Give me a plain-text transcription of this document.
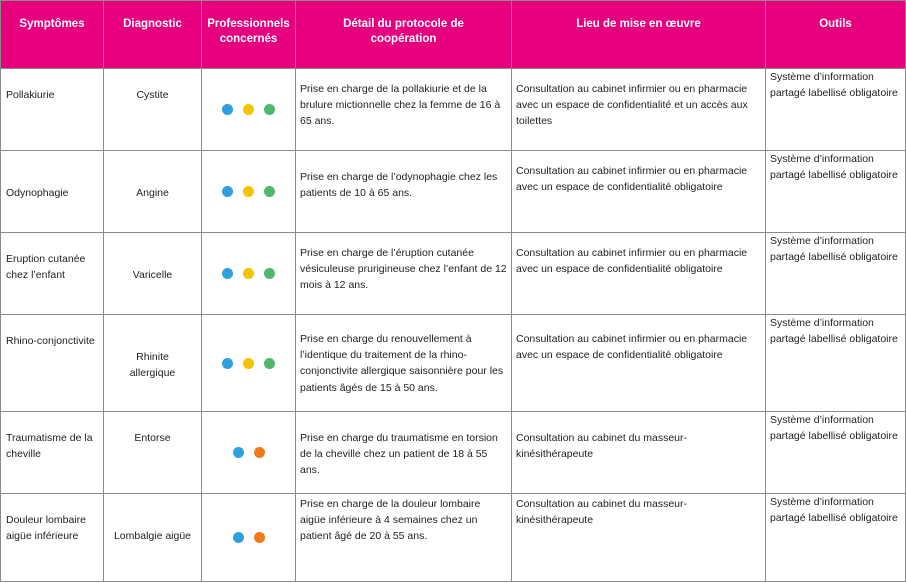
Symptômes	Diagnostic	Professionnels concernés	Détail du protocole de coopération	Lieu de mise en œuvre	Outils
Pollakiurie	Cystite		Prise en charge de la pollakiurie et de la brulure mictionnelle chez la femme de 16 à 65 ans.	Consultation au cabinet infirmier ou en pharmacie avec un espace de confidentialité et un accès aux toilettes	Système d’information partagé labellisé obligatoire
Odynophagie	Angine		Prise en charge de l’odynophagie chez les patients de 10 à 65 ans.	Consultation au cabinet infirmier ou en pharmacie avec un espace de confidentialité obligatoire	Système d’information partagé labellisé obligatoire
Eruption cutanée chez l’enfant	Varicelle		Prise en charge de l’éruption cutanée vésiculeuse prurigineuse chez l’enfant de 12 mois à 12 ans.	Consultation au cabinet infirmier ou en pharmacie avec un espace de confidentialité obligatoire	Système d’information partagé labellisé obligatoire
Rhino-conjonctivite	Rhinite allergique		Prise en charge du renouvellement à l’identique du traitement de la rhino-conjonctivite allergique saisonnière pour les patients âgés de 15 à 50 ans.	Consultation au cabinet infirmier ou en pharmacie avec un espace de confidentialité obligatoire	Système d’information partagé labellisé obligatoire
Traumatisme de la cheville	Entorse		Prise en charge du traumatisme en torsion de la cheville chez un patient de 18 à 55 ans.	Consultation au cabinet du masseur-kinésithérapeute	Système d’information partagé labellisé obligatoire
Douleur lombaire aigüe inférieure	Lombalgie aigüe		Prise en charge de la douleur lombaire aigüe inférieure à 4 semaines chez un patient âgé de 20 à 55 ans.	Consultation au cabinet du masseur-kinésithérapeute	Système d’information partagé labellisé obligatoire
